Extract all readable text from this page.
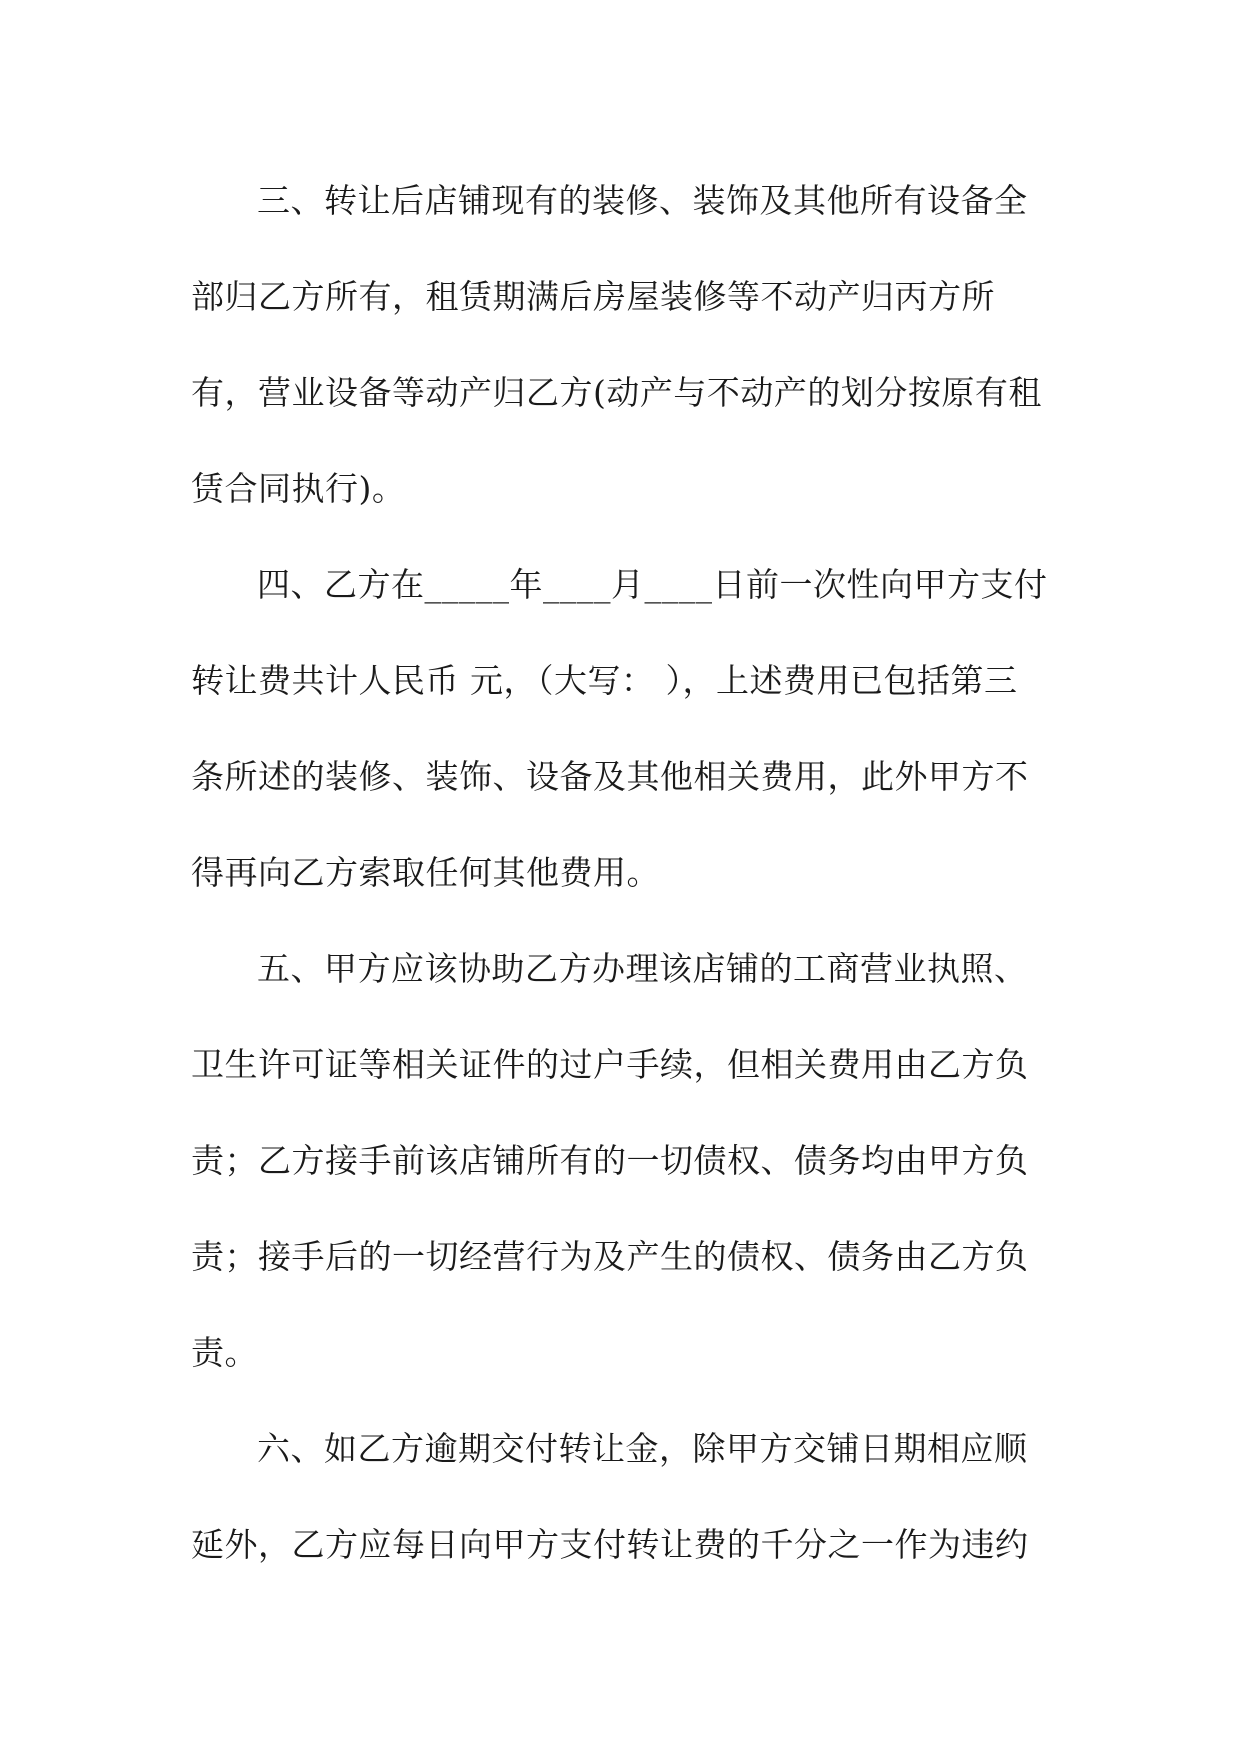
三、转让后店铺现有的装修、装饰及其他所有设备全
部归乙方所有，租赁期满后房屋装修等不动产归丙方所
有，营业设备等动产归乙方(动产与不动产的划分按原有租
赁合同执行)。
四、乙方在_____年____月____日前一次性向甲方支付
转让费共计人民币 元，（大写： ），上述费用已包括第三
条所述的装修、装饰、设备及其他相关费用，此外甲方不
得再向乙方索取任何其他费用。
五、甲方应该协助乙方办理该店铺的工商营业执照、
卫生许可证等相关证件的过户手续，但相关费用由乙方负
责；乙方接手前该店铺所有的一切债权、债务均由甲方负
责；接手后的一切经营行为及产生的债权、债务由乙方负
责。
六、如乙方逾期交付转让金，除甲方交铺日期相应顺
延外，乙方应每日向甲方支付转让费的千分之一作为违约
